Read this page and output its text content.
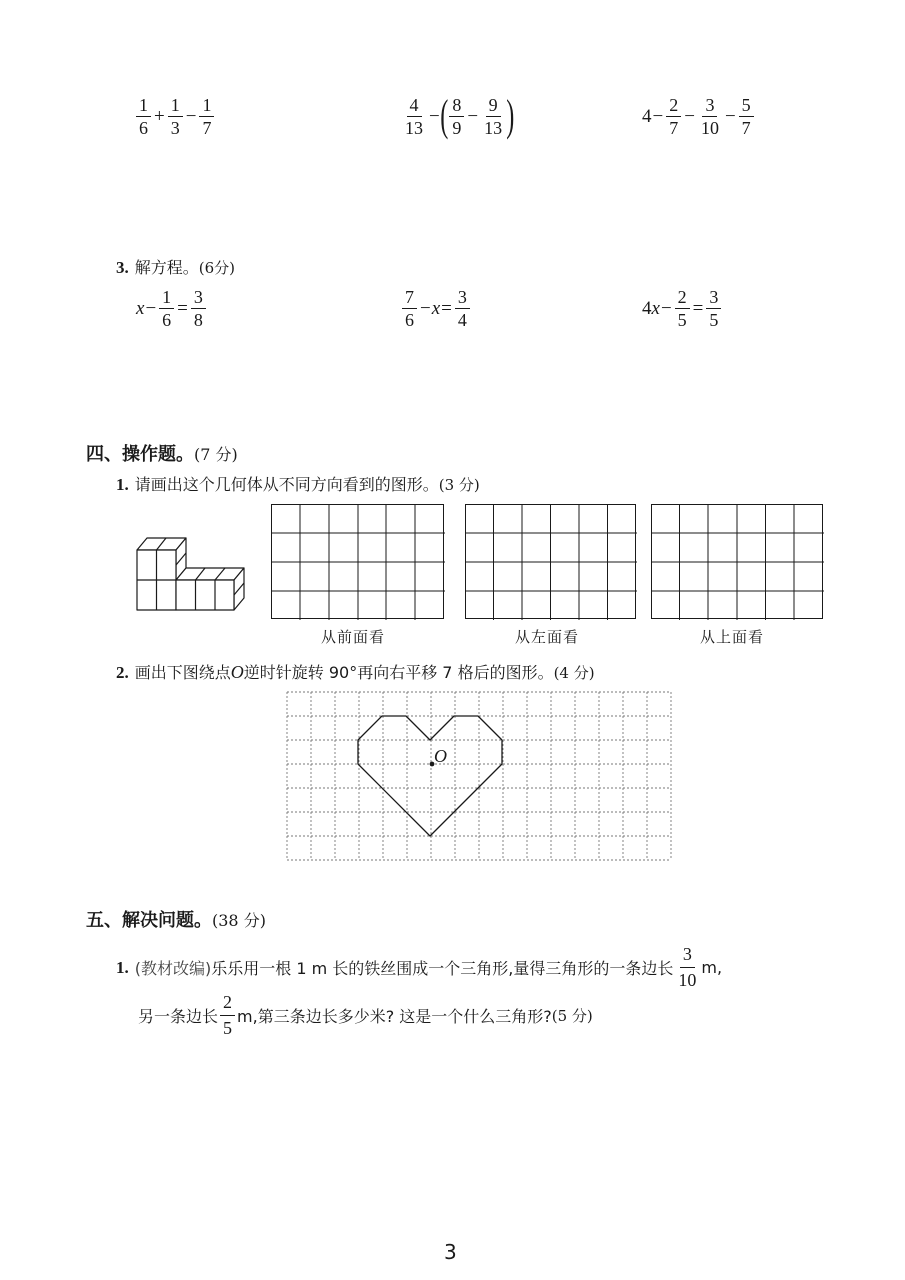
$\frac{1}{6} + \frac{1}{3} - \frac{1}{7}$	$\frac{4}{13}$ − ( $\frac{8}{9} - \frac{9}{13}$ )	$4 - \frac{2}{7} - \frac{3}{10} - \frac{5}{7}$
3. 解方程。(6分)
$x - \frac{1}{6} = \frac{3}{8}$	$\frac{7}{6} - x = \frac{3}{4}$	4 $x - \frac{2}{5} = \frac{3}{5}$
四、操作题。(7 分)
1. 请画出这个几何体从不同方向看到的图形。(3 分)
从前面看	从左面看	从上面看
2. 画出下图绕点O逆时针旋转 90°再向右平移 7 格后的图形。(4 分)
O
五、解决问题。(38 分)
1. (教材改编) 乐乐用一根 1 m 长的铁丝围成一个三角形,量得三角形的一条边长 $\frac{3}{10} m$,
另一条边长 $\frac{2}{5} m$,第三条边长多少米? 这是一个什么三角形? (5 分)
3
